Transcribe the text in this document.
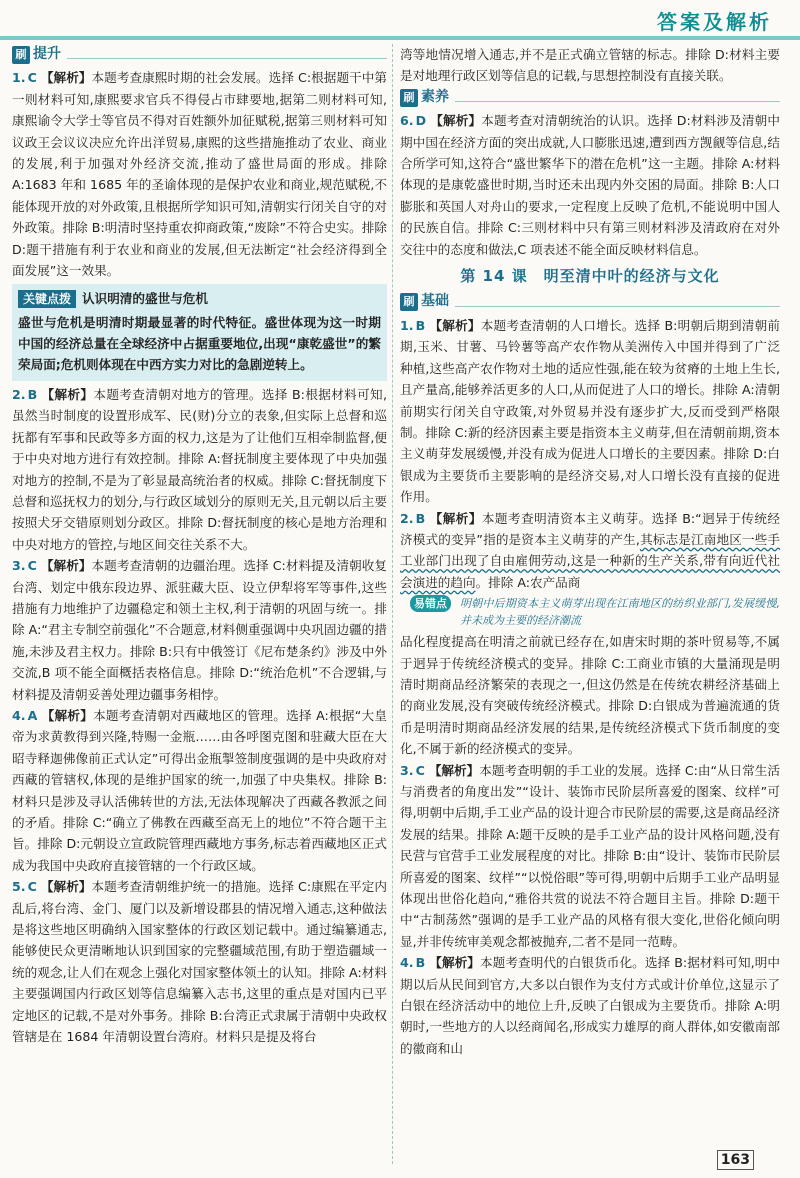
答案及解析
刷 提升

1. C 【解析】本题考查康熙时期的社会发展。选择 C:根据题干中第一则材料可知,康熙要求官兵不得侵占市肆要地,据第二则材料可知,康熙谕令大学士等官员不得对百姓额外加征赋税,据第三则材料可知议政王会议议决应允许出洋贸易,康熙的这些措施推动了农业、商业的发展,利于加强对外经济交流,推动了盛世局面的形成。排除 A:1683 年和 1685 年的圣谕体现的是保护农业和商业,规范赋税,不能体现开放的对外政策,且根据所学知识可知,清朝实行闭关自守的对外政策。排除 B:明清时坚持重农抑商政策,“废除”不符合史实。排除 D:题干措施有利于农业和商业的发展,但无法断定“社会经济得到全面发展”这一效果。

关键点拨 认识明清的盛世与危机
盛世与危机是明清时期最显著的时代特征。盛世体现为这一时期中国的经济总量在全球经济中占据重要地位,出现“康乾盛世”的繁荣局面;危机则体现在中西方实力对比的急剧逆转上。

2. B 【解析】本题考查清朝对地方的管理。选择 B:根据材料可知,虽然当时制度的设置形成军、民(财)分立的表象,但实际上总督和巡抚都有军事和民政等多方面的权力,这是为了让他们互相牵制监督,便于中央对地方进行有效控制。排除 A:督抚制度主要体现了中央加强对地方的控制,不是为了彰显最高统治者的权威。排除 C:督抚制度下总督和巡抚权力的划分,与行政区域划分的原则无关,且元朝以后主要按照犬牙交错原则划分政区。排除 D:督抚制度的核心是地方治理和中央对地方的管控,与地区间交往关系不大。

3. C 【解析】本题考查清朝的边疆治理。选择 C:材料提及清朝收复台湾、划定中俄东段边界、派驻藏大臣、设立伊犁将军等事件,这些措施有力地维护了边疆稳定和领土主权,利于清朝的巩固与统一。排除 A:“君主专制空前强化”不合题意,材料侧重强调中央巩固边疆的措施,未涉及君主权力。排除 B:只有中俄签订《尼布楚条约》涉及中外交流,B 项不能全面概括表格信息。排除 D:“统治危机”不合逻辑,与材料提及清朝妥善处理边疆事务相悖。

4. A 【解析】本题考查清朝对西藏地区的管理。选择 A:根据“大皇帝为求黄教得到兴隆,特赐一金瓶……由各呼图克图和驻藏大臣在大昭寺释迦佛像前正式认定”可得出金瓶掣签制度强调的是中央政府对西藏的管辖权,体现的是维护国家的统一,加强了中央集权。排除 B:材料只是涉及寻认活佛转世的方法,无法体现解决了西藏各教派之间的矛盾。排除 C:“确立了佛教在西藏至高无上的地位”不符合题干主旨。排除 D:元朝设立宣政院管理西藏地方事务,标志着西藏地区正式成为我国中央政府直接管辖的一个行政区域。

5. C 【解析】本题考查清朝维护统一的措施。选择 C:康熙在平定内乱后,将台湾、金门、厦门以及新增设郡县的情况增入通志,这种做法是将这些地区明确纳入国家整体的行政区划记载中。通过编纂通志,能够使民众更清晰地认识到国家的完整疆域范围,有助于塑造疆域一统的观念,让人们在观念上强化对国家整体领土的认知。排除 A:材料主要强调国内行政区划等信息编纂入志书,这里的重点是对国内已平定地区的记载,不是对外事务。排除 B:台湾正式隶属于清朝中央政权管辖是在 1684 年清朝设置台湾府。材料只是提及将台

湾等地情况增入通志,并不是正式确立管辖的标志。排除 D:材料主要是对地理行政区划等信息的记载,与思想控制没有直接关联。

刷 素养

6. D 【解析】本题考查对清朝统治的认识。选择 D:材料涉及清朝中期中国在经济方面的突出成就,人口膨胀迅速,遭到西方觊觎等信息,结合所学可知,这符合“盛世繁华下的潜在危机”这一主题。排除 A:材料体现的是康乾盛世时期,当时还未出现内外交困的局面。排除 B:人口膨胀和英国人对舟山的要求,一定程度上反映了危机,不能说明中国人的民族自信。排除 C:三则材料中只有第三则材料涉及清政府在对外交往中的态度和做法,C 项表述不能全面反映材料信息。

第 14 课　明至清中叶的经济与文化
刷 基础

1. B 【解析】本题考查清朝的人口增长。选择 B:明朝后期到清朝前期,玉米、甘薯、马铃薯等高产农作物从美洲传入中国并得到了广泛种植,这些高产农作物对土地的适应性强,能在较为贫瘠的土地上生长,且产量高,能够养活更多的人口,从而促进了人口的增长。排除 A:清朝前期实行闭关自守政策,对外贸易并没有逐步扩大,反而受到严格限制。排除 C:新的经济因素主要是指资本主义萌芽,但在清朝前期,资本主义萌芽发展缓慢,并没有成为促进人口增长的主要因素。排除 D:白银成为主要货币主要影响的是经济交易,对人口增长没有直接的促进作用。

2. B 【解析】本题考查明清资本主义萌芽。选择 B:“迥异于传统经济模式的变异”指的是资本主义萌芽的产生,其标志是江南地区一些手工业部门出现了自由雇佣劳动,这是一种新的生产关系,带有向近代社会演进的趋向。排除 A:农产品商

易错点	明朝中后期资本主义萌芽出现在江南地区的纺织业部门,发展缓慢,并未成为主要的经济潮流

品化程度提高在明清之前就已经存在,如唐宋时期的茶叶贸易等,不属于迥异于传统经济模式的变异。排除 C:工商业市镇的大量涌现是明清时期商品经济繁荣的表现之一,但这仍然是在传统农耕经济基础上的商业发展,没有突破传统经济模式。排除 D:白银成为普遍流通的货币是明清时期商品经济发展的结果,是传统经济模式下货币制度的变化,不属于新的经济模式的变异。

3. C 【解析】本题考查明朝的手工业的发展。选择 C:由“从日常生活与消费者的角度出发”“设计、装饰市民阶层所喜爱的图案、纹样”可得,明朝中后期,手工业产品的设计迎合市民阶层的需要,这是商品经济发展的结果。排除 A:题干反映的是手工业产品的设计风格问题,没有民营与官营手工业发展程度的对比。排除 B:由“设计、装饰市民阶层所喜爱的图案、纹样”“以悦俗眼”等可得,明朝中后期手工业产品明显体现出世俗化趋向,“雅俗共赏的说法不符合题目主旨。排除 D:题干中“古制荡然”强调的是手工业产品的风格有很大变化,世俗化倾向明显,并非传统审美观念都被抛弃,二者不是同一范畴。

4. B 【解析】本题考查明代的白银货币化。选择 B:据材料可知,明中期以后从民间到官方,大多以白银作为支付方式或计价单位,这显示了白银在经济活动中的地位上升,反映了白银成为主要货币。排除 A:明朝时,一些地方的人以经商闻名,形成实力雄厚的商人群体,如安徽南部的徽商和山

163
